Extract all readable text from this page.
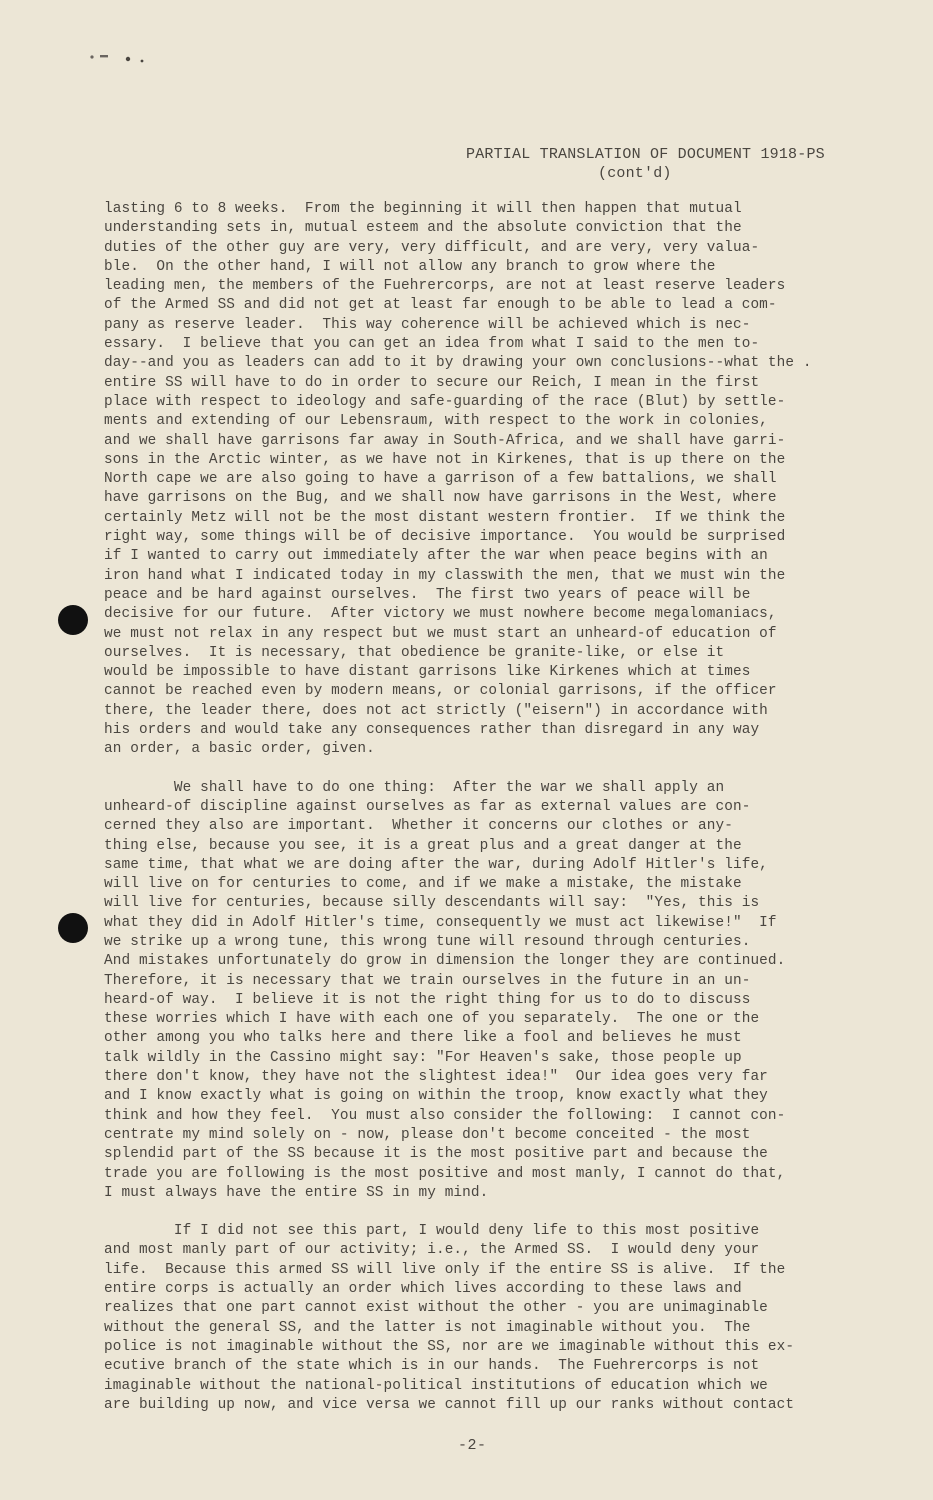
PARTIAL TRANSLATION OF DOCUMENT 1918-PS
(cont'd)
lasting 6 to 8 weeks.  From the beginning it will then happen that mutual
understanding sets in, mutual esteem and the absolute conviction that the
duties of the other guy are very, very difficult, and are very, very valua-
ble.  On the other hand, I will not allow any branch to grow where the
leading men, the members of the Fuehrercorps, are not at least reserve leaders
of the Armed SS and did not get at least far enough to be able to lead a com-
pany as reserve leader.  This way coherence will be achieved which is nec-
essary.  I believe that you can get an idea from what I said to the men to-
day--and you as leaders can add to it by drawing your own conclusions--what the .
entire SS will have to do in order to secure our Reich, I mean in the first
place with respect to ideology and safe-guarding of the race (Blut) by settle-
ments and extending of our Lebensraum, with respect to the work in colonies,
and we shall have garrisons far away in South-Africa, and we shall have garri-
sons in the Arctic winter, as we have not in Kirkenes, that is up there on the
North cape we are also going to have a garrison of a few battalions, we shall
have garrisons on the Bug, and we shall now have garrisons in the West, where
certainly Metz will not be the most distant western frontier.  If we think the
right way, some things will be of decisive importance.  You would be surprised
if I wanted to carry out immediately after the war when peace begins with an
iron hand what I indicated today in my classwith the men, that we must win the
peace and be hard against ourselves.  The first two years of peace will be
decisive for our future.  After victory we must nowhere become megalomaniacs,
we must not relax in any respect but we must start an unheard-of education of
ourselves.  It is necessary, that obedience be granite-like, or else it
would be impossible to have distant garrisons like Kirkenes which at times
cannot be reached even by modern means, or colonial garrisons, if the officer
there, the leader there, does not act strictly ("eisern") in accordance with
his orders and would take any consequences rather than disregard in any way
an order, a basic order, given.
We shall have to do one thing:  After the war we shall apply an
unheard-of discipline against ourselves as far as external values are con-
cerned they also are important.  Whether it concerns our clothes or any-
thing else, because you see, it is a great plus and a great danger at the
same time, that what we are doing after the war, during Adolf Hitler's life,
will live on for centuries to come, and if we make a mistake, the mistake
will live for centuries, because silly descendants will say:  "Yes, this is
what they did in Adolf Hitler's time, consequently we must act likewise!"  If
we strike up a wrong tune, this wrong tune will resound through centuries.
And mistakes unfortunately do grow in dimension the longer they are continued.
Therefore, it is necessary that we train ourselves in the future in an un-
heard-of way.  I believe it is not the right thing for us to do to discuss
these worries which I have with each one of you separately.  The one or the
other among you who talks here and there like a fool and believes he must
talk wildly in the Cassino might say: "For Heaven's sake, those people up
there don't know, they have not the slightest idea!"  Our idea goes very far
and I know exactly what is going on within the troop, know exactly what they
think and how they feel.  You must also consider the following:  I cannot con-
centrate my mind solely on - now, please don't become conceited - the most
splendid part of the SS because it is the most positive part and because the
trade you are following is the most positive and most manly, I cannot do that,
I must always have the entire SS in my mind.
If I did not see this part, I would deny life to this most positive
and most manly part of our activity; i.e., the Armed SS.  I would deny your
life.  Because this armed SS will live only if the entire SS is alive.  If the
entire corps is actually an order which lives according to these laws and
realizes that one part cannot exist without the other - you are unimaginable
without the general SS, and the latter is not imaginable without you.  The
police is not imaginable without the SS, nor are we imaginable without this ex-
ecutive branch of the state which is in our hands.  The Fuehrercorps is not
imaginable without the national-political institutions of education which we
are building up now, and vice versa we cannot fill up our ranks without contact
-2-
